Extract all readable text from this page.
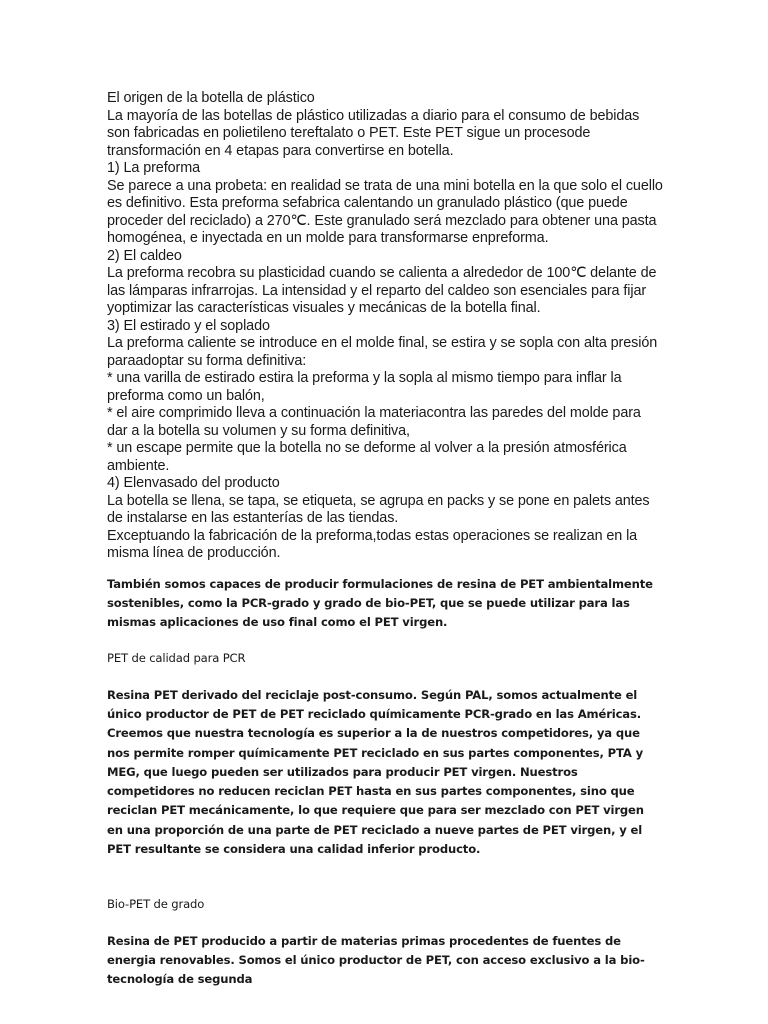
El origen de la botella de plástico

La mayoría de las botellas de plástico utilizadas a diario para el consumo de bebidas son fabricadas en polietileno tereftalato o PET. Este PET sigue un procesode transformación en 4 etapas para convertirse en botella.

1) La preforma

Se parece a una probeta: en realidad se trata de una mini botella en la que solo el cuello es definitivo. Esta preforma sefabrica calentando un granulado plástico (que puede proceder del reciclado) a 270℃. Este granulado será mezclado para obtener una pasta homogénea, e inyectada en un molde para transformarse enpreforma.

2) El caldeo

La preforma recobra su plasticidad cuando se calienta a alrededor de 100℃ delante de las lámparas infrarrojas. La intensidad y el reparto del caldeo son esenciales para fijar yoptimizar las características visuales y mecánicas de la botella final.

3) El estirado y el soplado

La preforma caliente se introduce en el molde final, se estira y se sopla con alta presión paraadoptar su forma definitiva:

* una varilla de estirado estira la preforma y la sopla al mismo tiempo para inflar la preforma como un balón,

* el aire comprimido lleva a continuación la materiacontra las paredes del molde para dar a la botella su volumen y su forma definitiva,

* un escape permite que la botella no se deforme al volver a la presión atmosférica ambiente.

4) Elenvasado del producto

La botella se llena, se tapa, se etiqueta, se agrupa en packs y se pone en palets antes de instalarse en las estanterías de las tiendas.

Exceptuando la fabricación de la preforma,todas estas operaciones se realizan en la misma línea de producción.

También somos capaces de producir formulaciones de resina de PET ambientalmente sostenibles, como la PCR-grado y grado de bio-PET, que se puede utilizar para las mismas aplicaciones de uso final como el PET virgen.

PET de calidad para PCR

Resina PET derivado del reciclaje post-consumo. Según PAL, somos actualmente el único productor de PET de PET reciclado químicamente PCR-grado en las Américas. Creemos que nuestra tecnología es superior a la de nuestros competidores, ya que nos permite romper químicamente PET reciclado en sus partes componentes, PTA y MEG, que luego pueden ser utilizados para producir PET virgen. Nuestros competidores no reducen reciclan PET hasta en sus partes componentes, sino que reciclan PET mecánicamente, lo que requiere que para ser mezclado con PET virgen en una proporción de una parte de PET reciclado a nueve partes de PET virgen, y el PET resultante se considera una calidad inferior producto.

Bio-PET de grado

Resina de PET producido a partir de materias primas procedentes de fuentes de energia renovables. Somos el único productor de PET, con acceso exclusivo a la bio-tecnología de segunda
